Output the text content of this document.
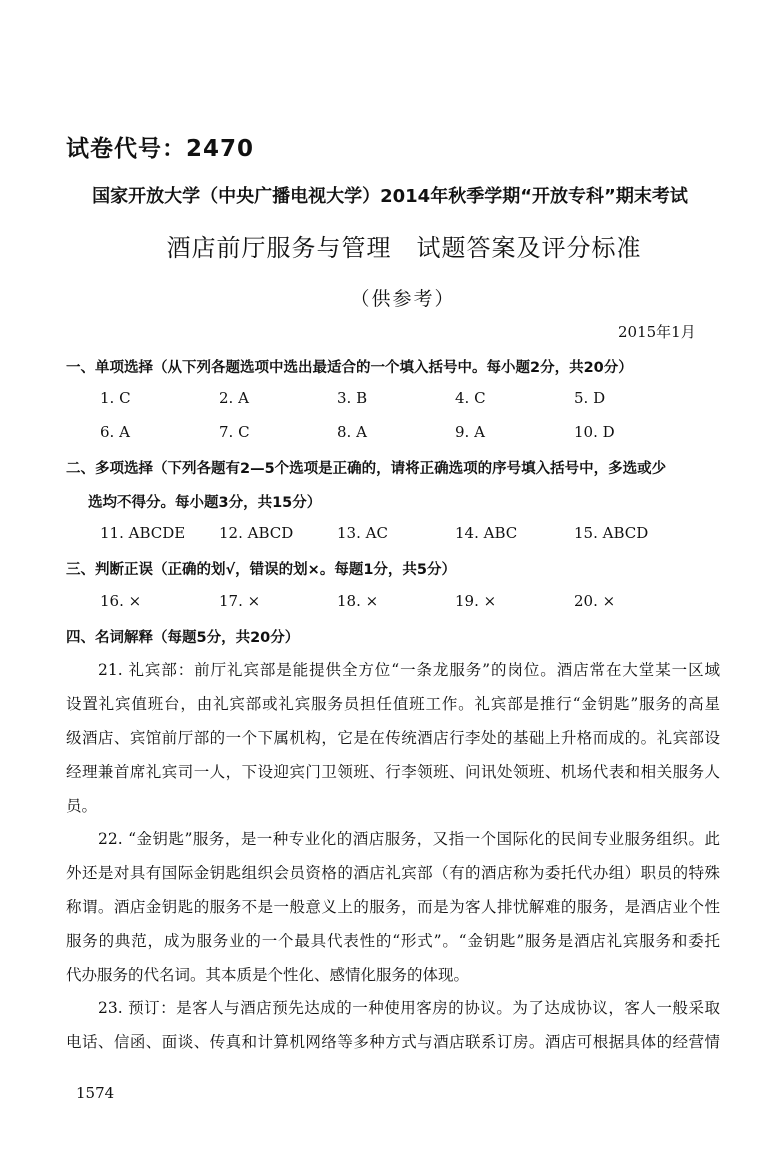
试卷代号：2470
国家开放大学（中央广播电视大学）2014年秋季学期“开放专科”期末考试
酒店前厅服务与管理　试题答案及评分标准
（供参考）
2015年1月
一、单项选择（从下列各题选项中选出最适合的一个填入括号中。每小题2分，共20分）
1. C	2. A	3. B	4. C	5. D
6. A	7. C	8. A	9. A	10. D
二、多项选择（下列各题有2—5个选项是正确的，请将正确选项的序号填入括号中，多选或少
选均不得分。每小题3分，共15分）
11. ABCDE 12. ABCD	13. AC	14. ABC	15. ABCD
三、判断正误（正确的划√，错误的划×。每题1分，共5分）
16. ×	17. ×	18. ×	19. ×	20. ×
四、名词解释（每题5分，共20分）
21. 礼宾部：前厅礼宾部是能提供全方位“一条龙服务”的岗位。酒店常在大堂某一区域
设置礼宾值班台，由礼宾部或礼宾服务员担任值班工作。礼宾部是推行“金钥匙”服务的高星
级酒店、宾馆前厅部的一个下属机构，它是在传统酒店行李处的基础上升格而成的。礼宾部设
经理兼首席礼宾司一人，下设迎宾门卫领班、行李领班、问讯处领班、机场代表和相关服务人
员。
22. “金钥匙”服务，是一种专业化的酒店服务，又指一个国际化的民间专业服务组织。此
外还是对具有国际金钥匙组织会员资格的酒店礼宾部（有的酒店称为委托代办组）职员的特殊
称谓。酒店金钥匙的服务不是一般意义上的服务，而是为客人排忧解难的服务，是酒店业个性
服务的典范，成为服务业的一个最具代表性的“形式”。“金钥匙”服务是酒店礼宾服务和委托
代办服务的代名词。其本质是个性化、感情化服务的体现。
23. 预订：是客人与酒店预先达成的一种使用客房的协议。为了达成协议，客人一般采取
电话、信函、面谈、传真和计算机网络等多种方式与酒店联系订房。酒店可根据具体的经营情
1574
